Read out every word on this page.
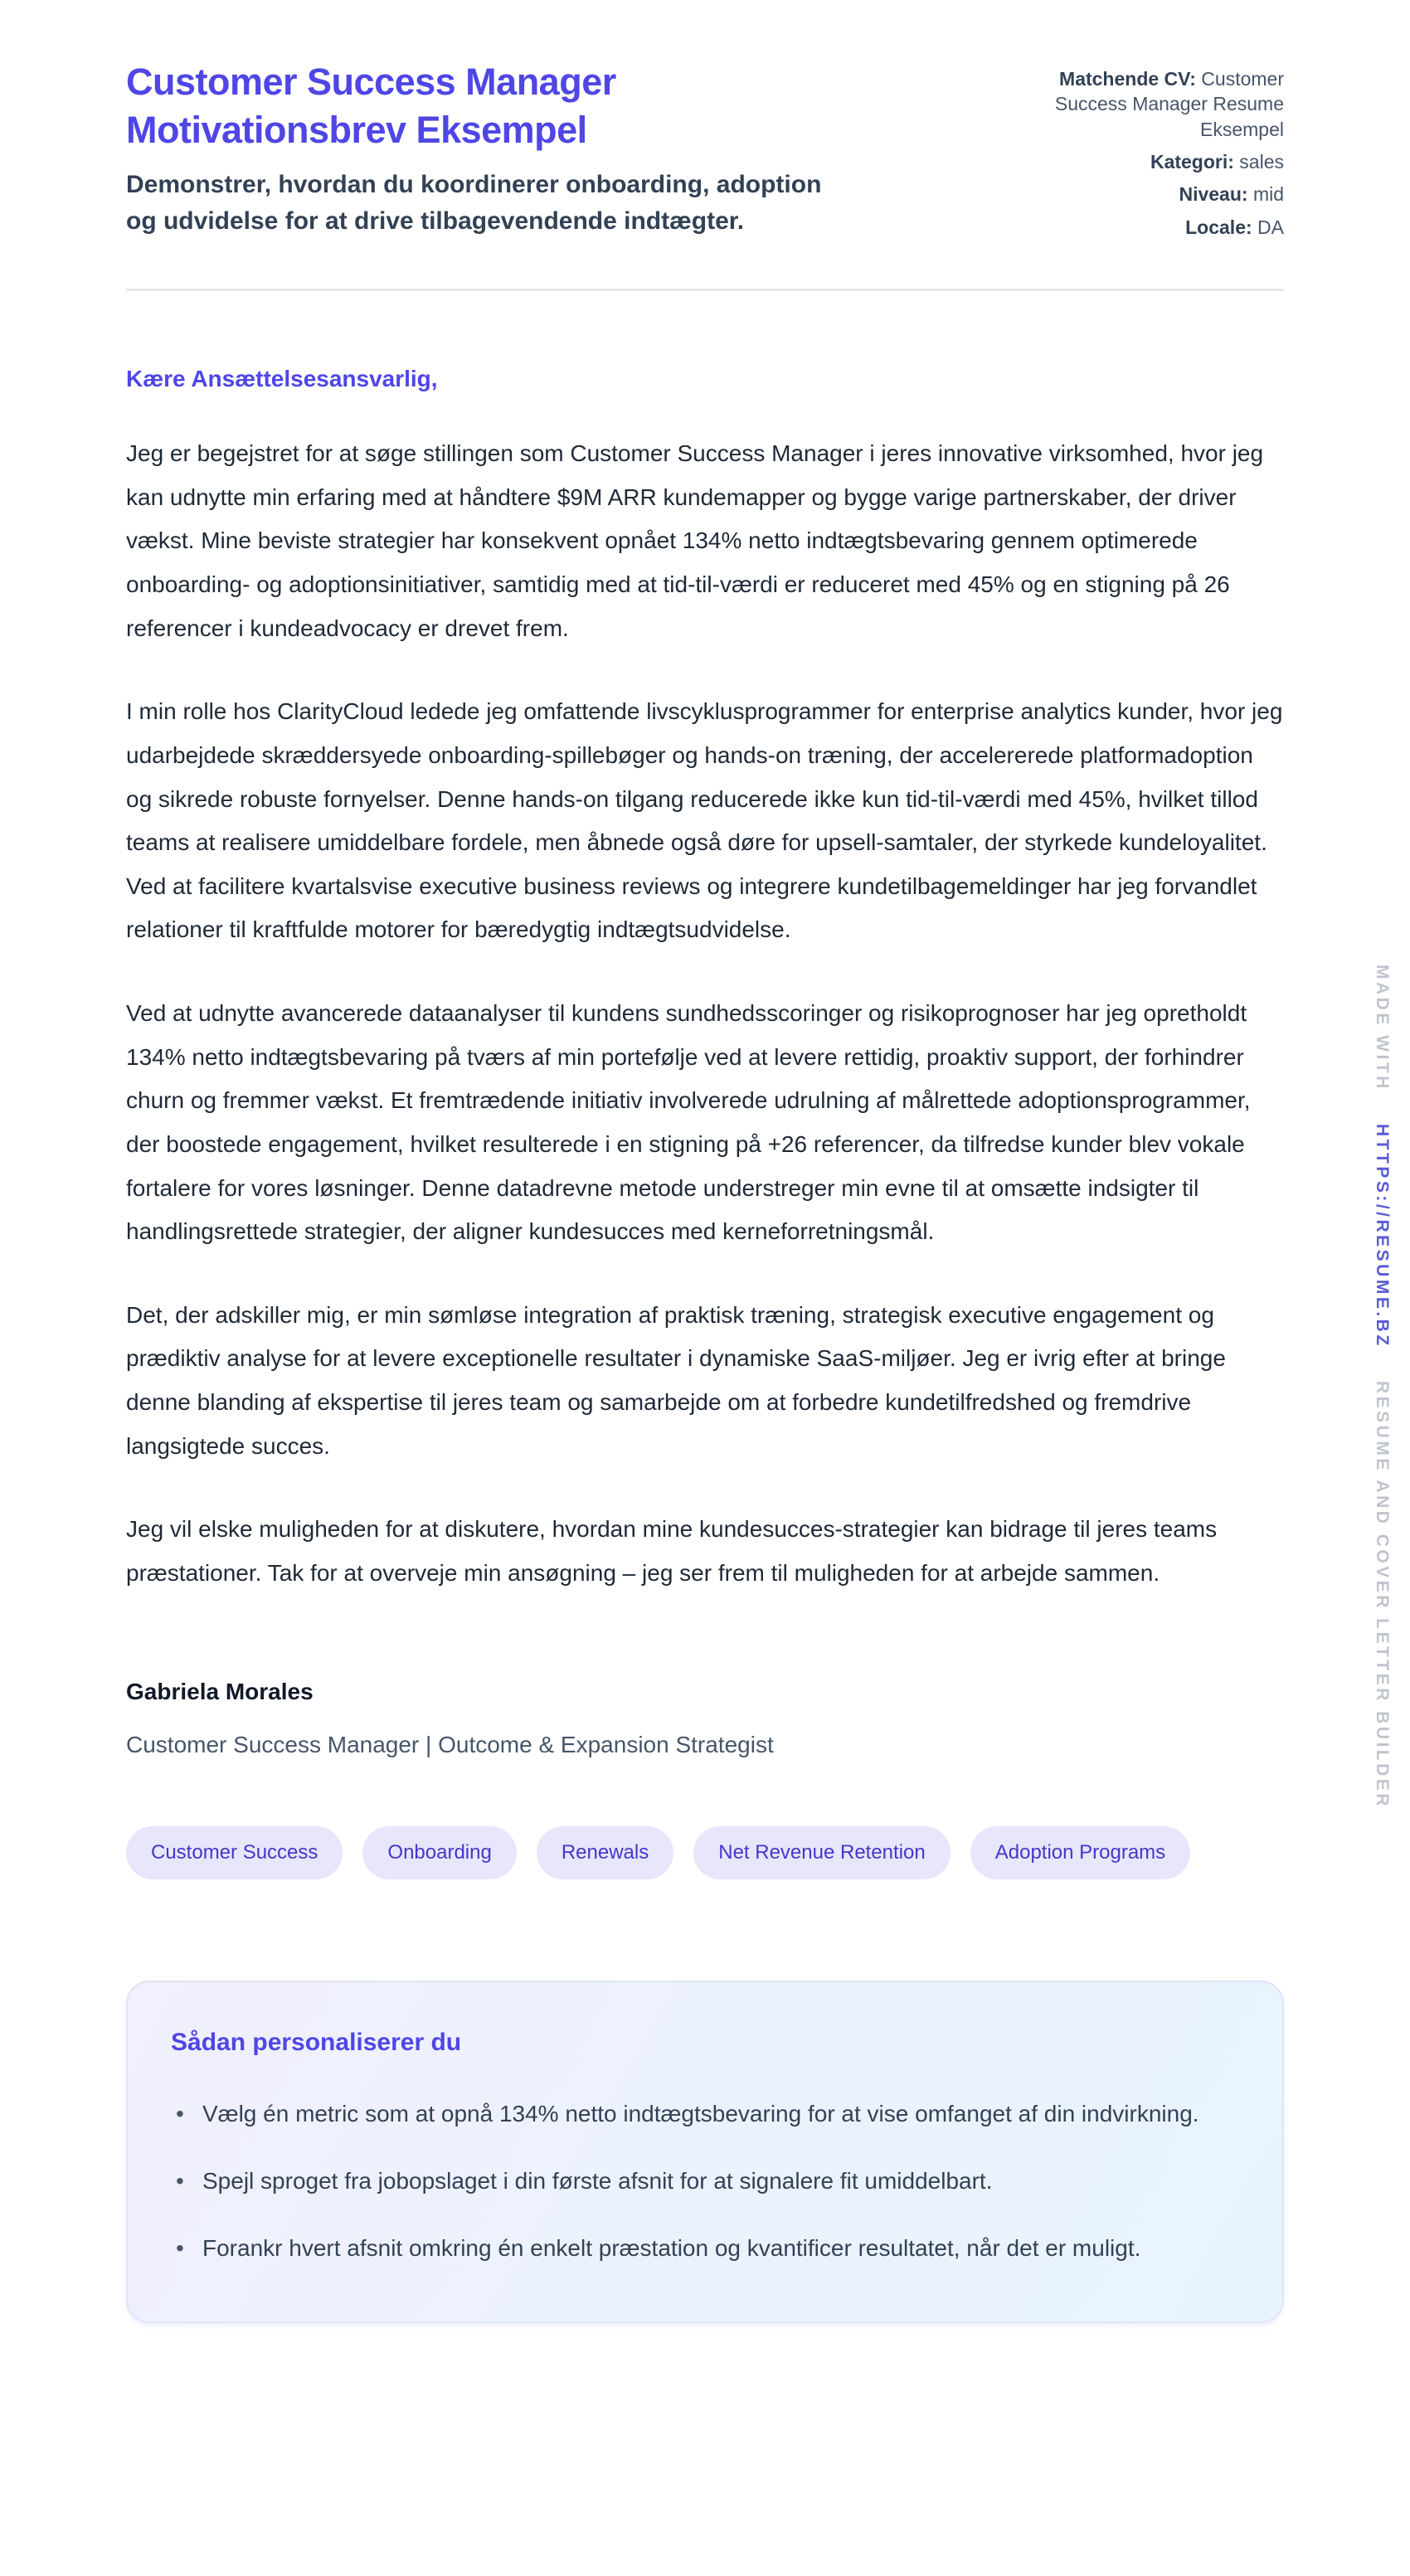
Customer Success Manager Motivationsbrev Eksempel
Demonstrer, hvordan du koordinerer onboarding, adoption og udvidelse for at drive tilbagevendende indtægter.
Matchende CV: Customer Success Manager Resume Eksempel
Kategori: sales
Niveau: mid
Locale: DA

Kære Ansættelsesansvarlig,

Jeg er begejstret for at søge stillingen som Customer Success Manager i jeres innovative virksomhed, hvor jeg kan udnytte min erfaring med at håndtere $9M ARR kundemapper og bygge varige partnerskaber, der driver vækst. Mine beviste strategier har konsekvent opnået 134% netto indtægtsbevaring gennem optimerede onboarding- og adoptionsinitiativer, samtidig med at tid-til-værdi er reduceret med 45% og en stigning på 26 referencer i kundeadvocacy er drevet frem.

I min rolle hos ClarityCloud ledede jeg omfattende livscyklusprogrammer for enterprise analytics kunder, hvor jeg udarbejdede skræddersyede onboarding-spillebøger og hands-on træning, der accelererede platformadoption og sikrede robuste fornyelser. Denne hands-on tilgang reducerede ikke kun tid-til-værdi med 45%, hvilket tillod teams at realisere umiddelbare fordele, men åbnede også døre for upsell-samtaler, der styrkede kundeloyalitet. Ved at facilitere kvartalsvise executive business reviews og integrere kundetilbagemeldinger har jeg forvandlet relationer til kraftfulde motorer for bæredygtig indtægtsudvidelse.

Ved at udnytte avancerede dataanalyser til kundens sundhedsscoringer og risikoprognoser har jeg opretholdt 134% netto indtægtsbevaring på tværs af min portefølje ved at levere rettidig, proaktiv support, der forhindrer churn og fremmer vækst. Et fremtrædende initiativ involverede udrulning af målrettede adoptionsprogrammer, der boostede engagement, hvilket resulterede i en stigning på +26 referencer, da tilfredse kunder blev vokale fortalere for vores løsninger. Denne datadrevne metode understreger min evne til at omsætte indsigter til handlingsrettede strategier, der aligner kundesucces med kerneforretningsmål.

Det, der adskiller mig, er min sømløse integration af praktisk træning, strategisk executive engagement og prædiktiv analyse for at levere exceptionelle resultater i dynamiske SaaS-miljøer. Jeg er ivrig efter at bringe denne blanding af ekspertise til jeres team og samarbejde om at forbedre kundetilfredshed og fremdrive langsigtede succes.

Jeg vil elske muligheden for at diskutere, hvordan mine kundesucces-strategier kan bidrage til jeres teams præstationer. Tak for at overveje min ansøgning – jeg ser frem til muligheden for at arbejde sammen.

Gabriela Morales
Customer Success Manager | Outcome & Expansion Strategist
Customer Success	Onboarding	Renewals	Net Revenue Retention	Adoption Programs
Sådan personaliserer du
• Vælg én metric som at opnå 134% netto indtægtsbevaring for at vise omfanget af din indvirkning.
• Spejl sproget fra jobopslaget i din første afsnit for at signalere fit umiddelbart.
• Forankr hvert afsnit omkring én enkelt præstation og kvantificer resultatet, når det er muligt.
MADE WITH HTTPS://RESUME.BZ RESUME AND COVER LETTER BUILDER
